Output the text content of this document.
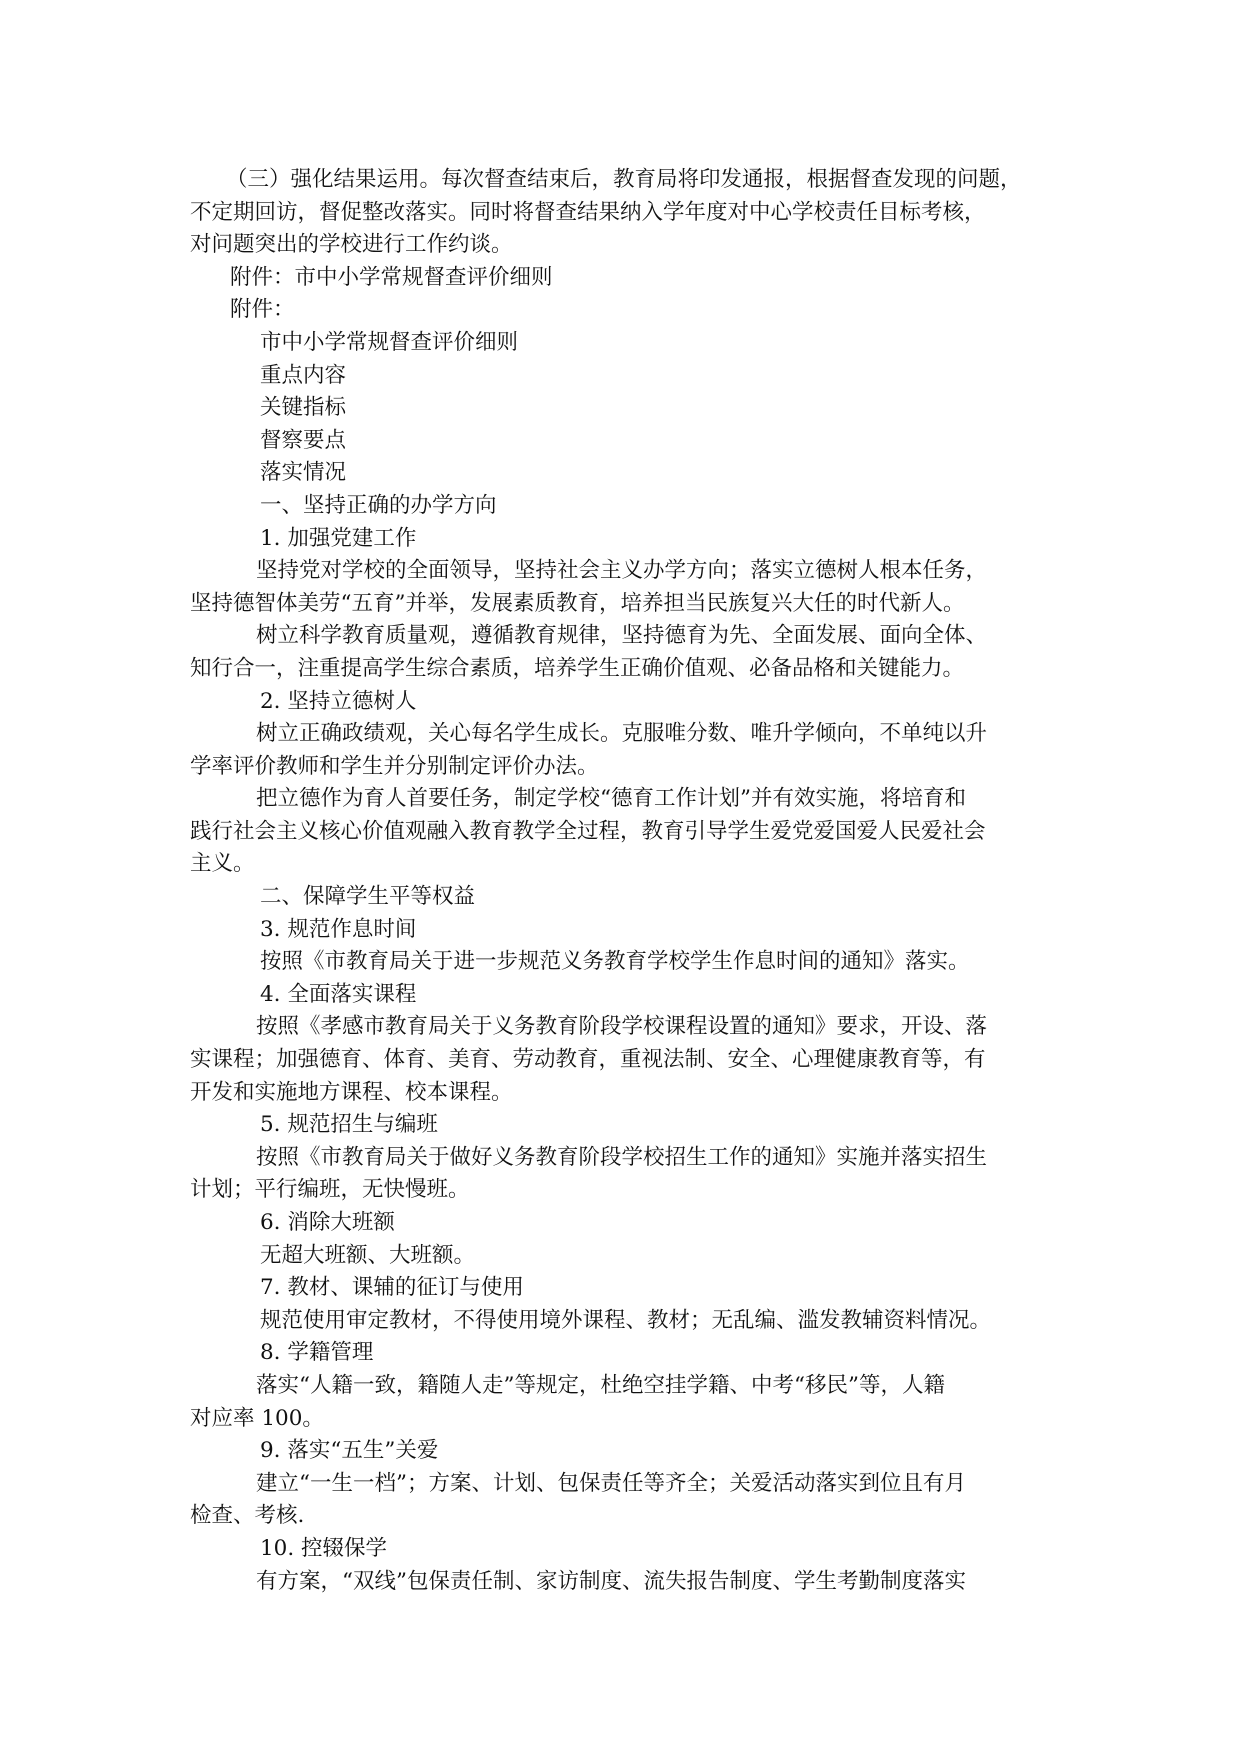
（三）强化结果运用。每次督查结束后，教育局将印发通报，根据督查发现的问题，
不定期回访，督促整改落实。同时将督查结果纳入学年度对中心学校责任目标考核，
对问题突出的学校进行工作约谈。
附件：市中小学常规督查评价细则
附件：
市中小学常规督查评价细则
重点内容
关键指标
督察要点
落实情况
一、坚持正确的办学方向
1. 加强党建工作
坚持党对学校的全面领导，坚持社会主义办学方向；落实立德树人根本任务，
坚持德智体美劳“五育”并举，发展素质教育，培养担当民族复兴大任的时代新人。
树立科学教育质量观，遵循教育规律，坚持德育为先、全面发展、面向全体、
知行合一，注重提高学生综合素质，培养学生正确价值观、必备品格和关键能力。
2. 坚持立德树人
树立正确政绩观，关心每名学生成长。克服唯分数、唯升学倾向，不单纯以升
学率评价教师和学生并分别制定评价办法。
把立德作为育人首要任务，制定学校“德育工作计划”并有效实施，将培育和
践行社会主义核心价值观融入教育教学全过程，教育引导学生爱党爱国爱人民爱社会
主义。
二、保障学生平等权益
3. 规范作息时间
按照《市教育局关于进一步规范义务教育学校学生作息时间的通知》落实。
4. 全面落实课程
按照《孝感市教育局关于义务教育阶段学校课程设置的通知》要求，开设、落
实课程；加强德育、体育、美育、劳动教育，重视法制、安全、心理健康教育等，有
开发和实施地方课程、校本课程。
5. 规范招生与编班
按照《市教育局关于做好义务教育阶段学校招生工作的通知》实施并落实招生
计划；平行编班，无快慢班。
6. 消除大班额
无超大班额、大班额。
7. 教材、课辅的征订与使用
规范使用审定教材，不得使用境外课程、教材；无乱编、滥发教辅资料情况。
8. 学籍管理
落实“人籍一致，籍随人走”等规定，杜绝空挂学籍、中考“移民”等，人籍
对应率 100。
9. 落实“五生”关爱
建立“一生一档”；方案、计划、包保责任等齐全；关爱活动落实到位且有月
检查、考核.
10. 控辍保学
有方案，“双线”包保责任制、家访制度、流失报告制度、学生考勤制度落实
